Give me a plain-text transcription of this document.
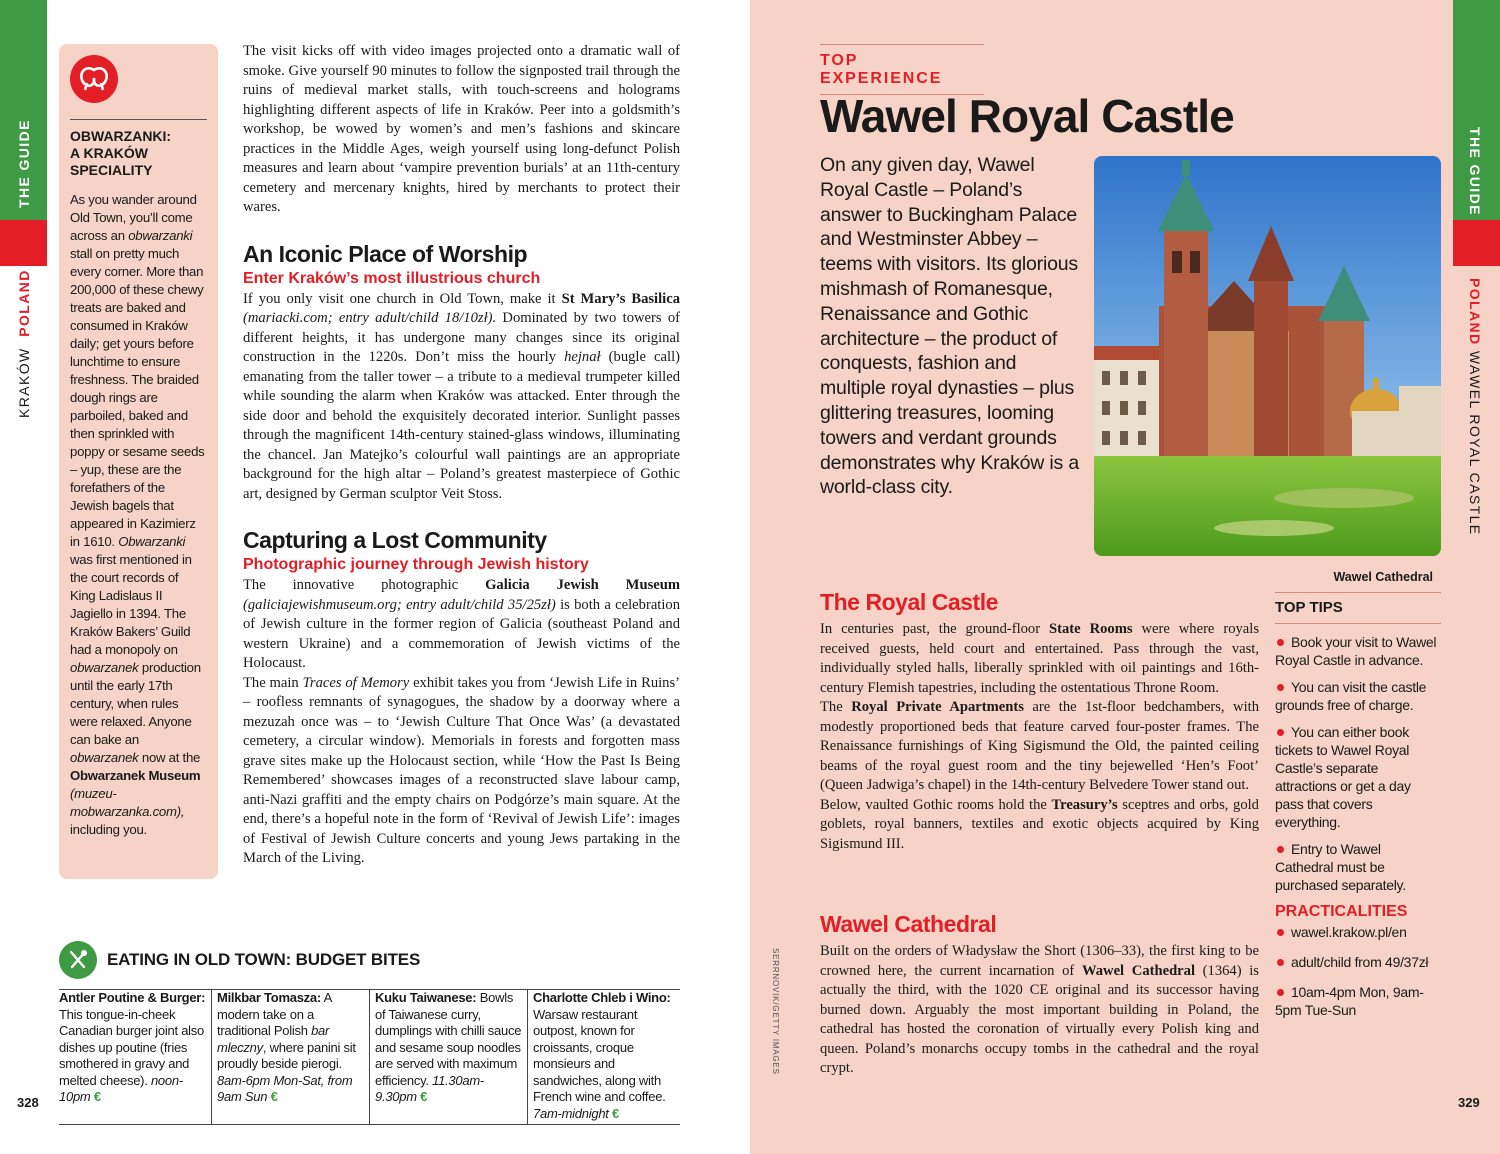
THE GUIDE
KRAKÓW  POLAND
OBWARZANKI:
A KRAKÓW
SPECIALITY

As you wander around Old Town, you’ll come across an obwarzanki stall on pretty much every corner. More than 200,000 of these chewy treats are baked and consumed in Kraków daily; get yours before lunchtime to ensure freshness. The braided dough rings are parboiled, baked and then sprinkled with poppy or sesame seeds – yup, these are the forefathers of the Jewish bagels that appeared in Kazimierz in 1610. Obwarzanki was first mentioned in the court records of King Ladislaus II Jagiello in 1394. The Kraków Bakers’ Guild had a monopoly on obwarzanek production until the early 17th century, when rules were relaxed. Anyone can bake an obwarzanek now at the Obwarzanek Museum (muzeu-mobwarzanka.com), including you.

The visit kicks off with video images projected onto a dramatic wall of smoke. Give yourself 90 minutes to follow the signposted trail through the ruins of medieval market stalls, with touch-screens and holograms highlighting different aspects of life in Kraków. Peer into a goldsmith’s workshop, be wowed by women’s and men’s fashions and skincare practices in the Middle Ages, weigh yourself using long-defunct Polish measures and learn about ‘vampire prevention burials’ at an 11th-century cemetery and mercenary knights, hired by merchants to protect their wares.

An Iconic Place of Worship
Enter Kraków’s most illustrious church

If you only visit one church in Old Town, make it St Mary’s Basilica (mariacki.com; entry adult/child 18/10zł). Dominated by two towers of different heights, it has undergone many changes since its original construction in the 1220s. Don’t miss the hourly hejnał (bugle call) emanating from the taller tower – a tribute to a medieval trumpeter killed while sounding the alarm when Kraków was attacked. Enter through the side door and behold the exquisitely decorated interior. Sunlight passes through the magnificent 14th-century stained-glass windows, illuminating the chancel. Jan Matejko’s colourful wall paintings are an appropriate background for the high altar – Poland’s greatest masterpiece of Gothic art, designed by German sculptor Veit Stoss.

Capturing a Lost Community
Photographic journey through Jewish history

The innovative photographic Galicia Jewish Museum (galiciajewishmuseum.org; entry adult/child 35/25zł) is both a celebration of Jewish culture in the former region of Galicia (southeast Poland and western Ukraine) and a commemoration of Jewish victims of the Holocaust.

The main Traces of Memory exhibit takes you from ‘Jewish Life in Ruins’ – roofless remnants of synagogues, the shadow by a doorway where a mezuzah once was – to ‘Jewish Culture That Once Was’ (a devastated cemetery, a circular window). Memorials in forests and forgotten mass grave sites make up the Holocaust section, while ‘How the Past Is Being Remembered’ showcases images of a reconstructed slave labour camp, anti-Nazi graffiti and the empty chairs on Podgórze’s main square. At the end, there’s a hopeful note in the form of ‘Revival of Jewish Life’: images of Festival of Jewish Culture concerts and young Jews partaking in the March of the Living.

EATING IN OLD TOWN: BUDGET BITES
Antler Poutine & Burger: This tongue-in-cheek Canadian burger joint also dishes up poutine (fries smothered in gravy and melted cheese). noon-10pm €
Milkbar Tomasza: A modern take on a traditional Polish bar mleczny, where panini sit proudly beside pierogi. 8am-6pm Mon-Sat, from 9am Sun €
Kuku Taiwanese: Bowls of Taiwanese curry, dumplings with chilli sauce and sesame soup noodles are served with maximum efficiency. 11.30am-9.30pm €
Charlotte Chleb i Wino: Warsaw restaurant outpost, known for croissants, croque monsieurs and sandwiches, along with French wine and coffee. 7am-midnight €
328
THE GUIDE
POLAND WAWEL ROYAL CASTLE
TOP EXPERIENCE
Wawel Royal Castle

On any given day, Wawel Royal Castle – Poland’s answer to Buckingham Palace and Westminster Abbey – teems with visitors. Its glorious mishmash of Romanesque, Renaissance and Gothic architecture – the product of conquests, fashion and multiple royal dynasties – plus glittering treasures, looming towers and verdant grounds demonstrates why Kraków is a world-class city.

Wawel Cathedral
SERRNOVIK/GETTY IMAGES
The Royal Castle

In centuries past, the ground-floor State Rooms were where royals received guests, held court and entertained. Pass through the vast, individually styled halls, liberally sprinkled with oil paintings and 16th-century Flemish tapestries, including the ostentatious Throne Room.

The Royal Private Apartments are the 1st-floor bedchambers, with modestly proportioned beds that feature carved four-poster frames. The Renaissance furnishings of King Sigismund the Old, the painted ceiling beams of the royal guest room and the tiny bejewelled ‘Hen’s Foot’ (Queen Jadwiga’s chapel) in the 14th-century Belvedere Tower stand out.

Below, vaulted Gothic rooms hold the Treasury’s sceptres and orbs, gold goblets, royal banners, textiles and exotic objects acquired by King Sigismund III.

Wawel Cathedral

Built on the orders of Władysław the Short (1306–33), the first king to be crowned here, the current incarnation of Wawel Cathedral (1364) is actually the third, with the 1020 CE original and its successor having burned down. Arguably the most important building in Poland, the cathedral has hosted the coronation of virtually every Polish king and queen. Poland’s monarchs occupy tombs in the cathedral and the royal crypt.

TOP TIPS
Book your visit to Wawel Royal Castle in advance.
You can visit the castle grounds free of charge.
You can either book tickets to Wawel Royal Castle’s separate attractions or get a day pass that covers everything.
Entry to Wawel Cathedral must be purchased separately.
PRACTICALITIES
wawel.krakow.pl/en
adult/child from 49/37zł
10am-4pm Mon, 9am-5pm Tue-Sun
329
